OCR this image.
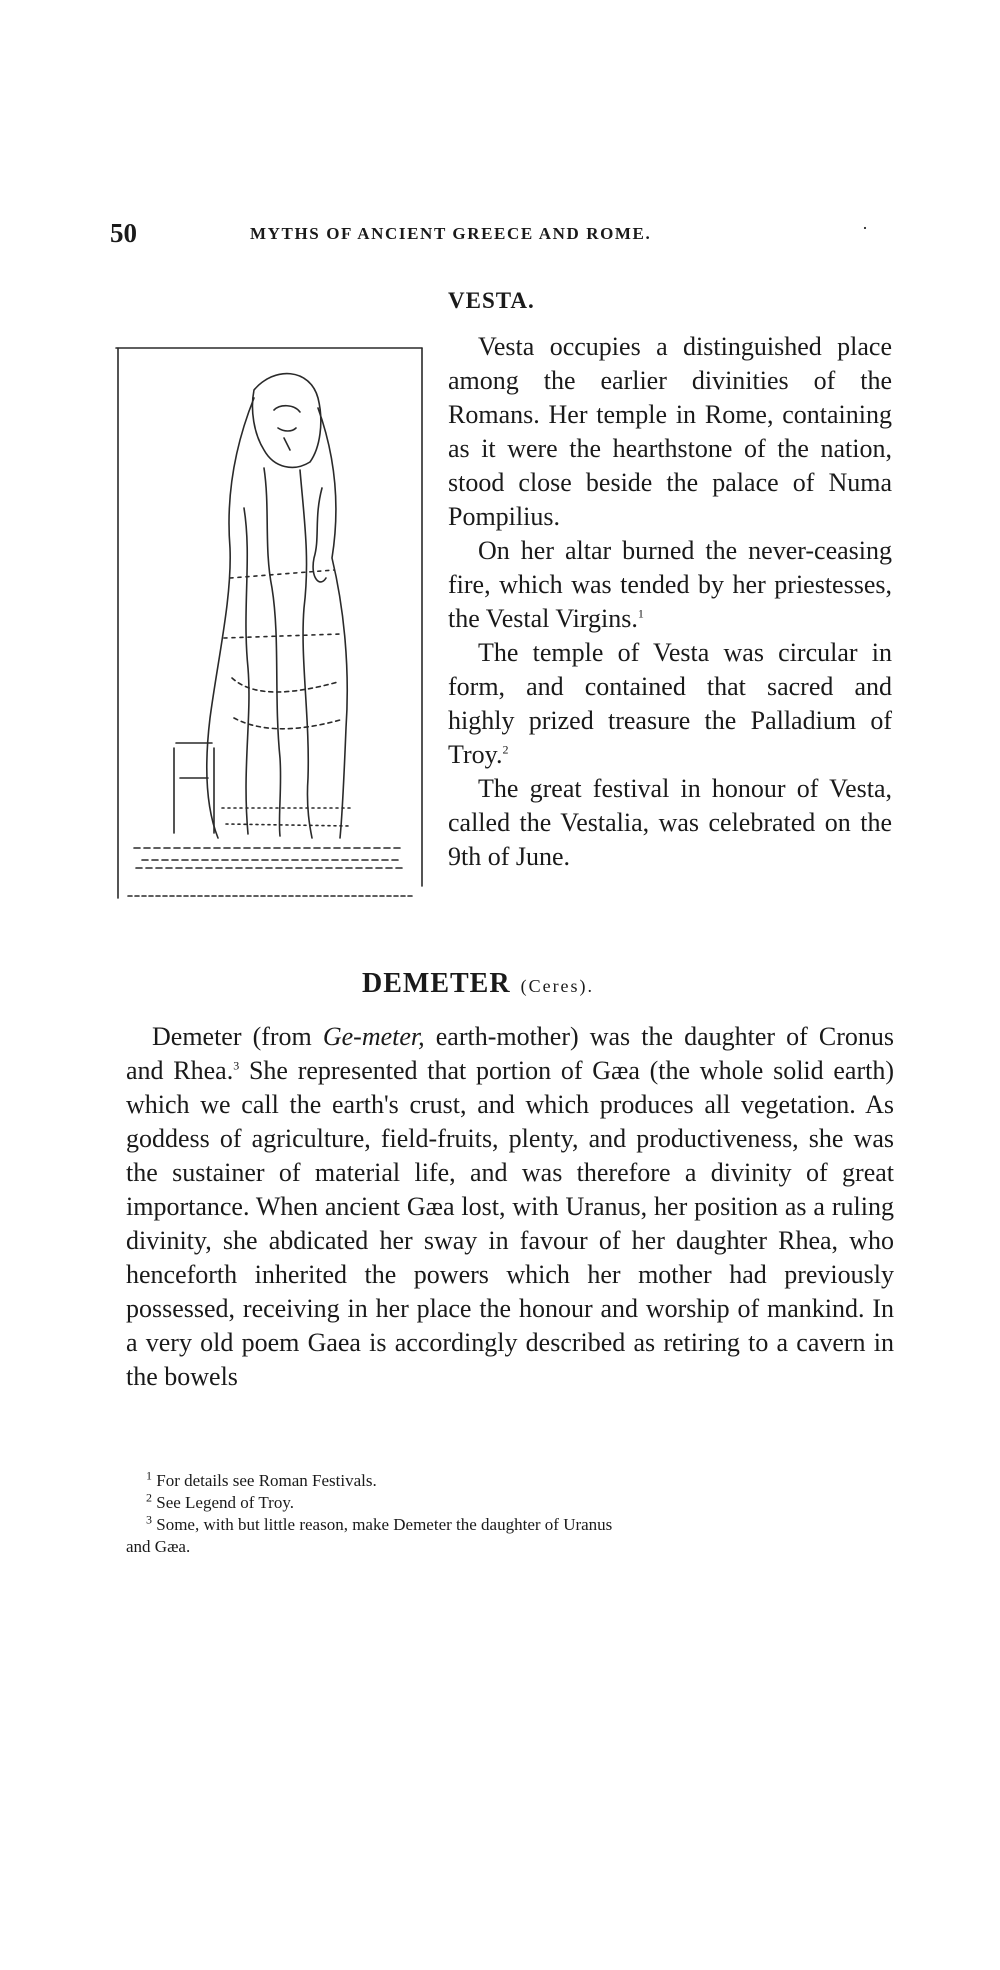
50	MYTHS OF ANCIENT GREECE AND ROME.	·
VESTA.

Vesta occupies a distinguished place among the earlier divinities of the Romans. Her temple in Rome, containing as it were the hearthstone of the nation, stood close beside the palace of Numa Pompilius.

On her altar burned the never-ceasing fire, which was tended by her priestesses, the Vestal Virgins.$^1$

The temple of Vesta was circular in form, and contained that sacred and highly prized treasure the Palladium of Troy.$^2$

The great festival in honour of Vesta, called the Vestalia, was celebrated on the 9th of June.

DEMETER (Ceres).

Demeter (from Ge-meter, earth-mother) was the daughter of Cronus and Rhea.$^3$ She represented that portion of Gæa (the whole solid earth) which we call the earth's crust, and which produces all vegetation. As goddess of agriculture, field-fruits, plenty, and productiveness, she was the sustainer of material life, and was therefore a divinity of great importance. When ancient Gæa lost, with Uranus, her position as a ruling divinity, she abdicated her sway in favour of her daughter Rhea, who henceforth inherited the powers which her mother had previously possessed, receiving in her place the honour and worship of mankind. In a very old poem Gaea is accordingly described as retiring to a cavern in the bowels

$^1$ For details see Roman Festivals.

$^2$ See Legend of Troy.

$^3$ Some, with but little reason, make Demeter the daughter of Uranus

and Gæa.
